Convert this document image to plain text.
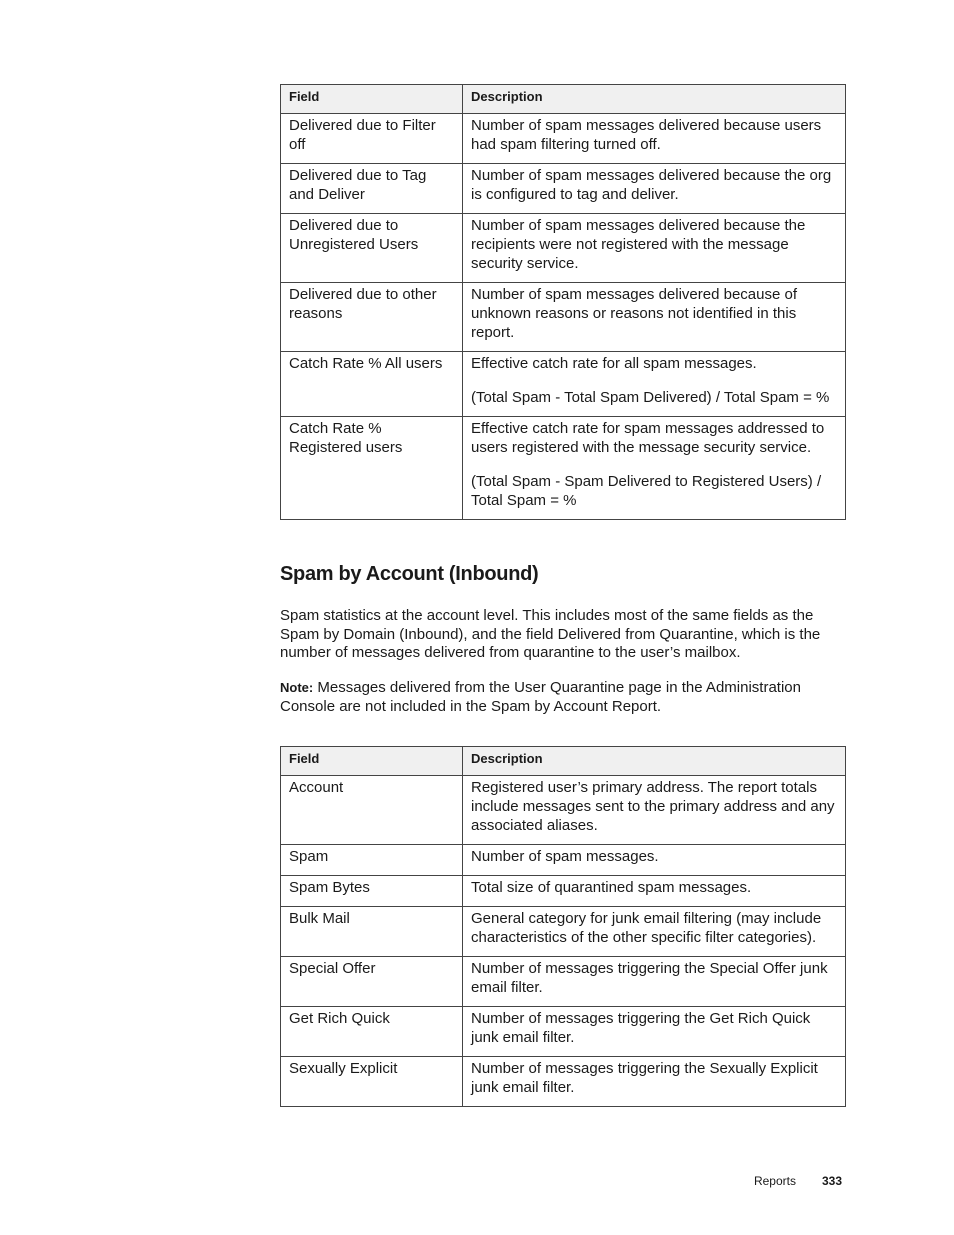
Field	Description
Delivered due to Filter off	Number of spam messages delivered because users had spam filtering turned off.

Delivered due to Tag and Deliver	Number of spam messages delivered because the org is configured to tag and deliver.

Delivered due to Unregistered Users	Number of spam messages delivered because the recipients were not registered with the message security service.

Delivered due to other reasons	Number of spam messages delivered because of unknown reasons or reasons not identified in this report.

Catch Rate % All users	Effective catch rate for all spam messages.

(Total Spam - Total Spam Delivered) / Total Spam = %

Catch Rate % Registered users	Effective catch rate for spam messages addressed to users registered with the message security service.

(Total Spam - Spam Delivered to Registered Users) / Total Spam = %

Spam by Account (Inbound)

Spam statistics at the account level. This includes most of the same fields as the Spam by Domain (Inbound), and the field Delivered from Quarantine, which is the number of messages delivered from quarantine to the user’s mailbox.

Note: Messages delivered from the User Quarantine page in the Administration Console are not included in the Spam by Account Report.

Field	Description
Account	Registered user’s primary address. The report totals include messages sent to the primary address and any associated aliases.

Spam	Number of spam messages.

Spam Bytes	Total size of quarantined spam messages.

Bulk Mail	General category for junk email filtering (may include characteristics of the other specific filter categories).

Special Offer	Number of messages triggering the Special Offer junk email filter.

Get Rich Quick	Number of messages triggering the Get Rich Quick junk email filter.

Sexually Explicit	Number of messages triggering the Sexually Explicit junk email filter.

Reports 333
